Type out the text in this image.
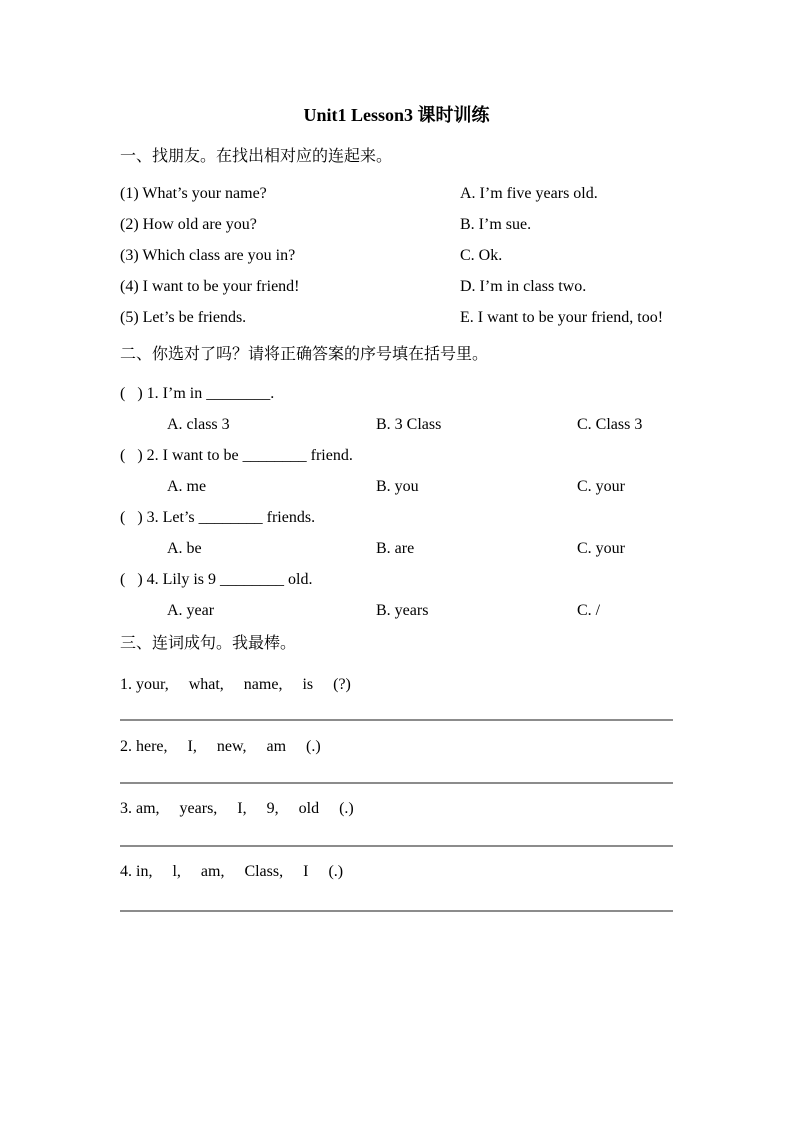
Unit1 Lesson3 课时训练
一、找朋友。在找出相对应的连起来。
(1) What’s your name?	A. I’m five years old.
(2) How old are you?	B. I’m sue.
(3) Which class are you in?	C. Ok.
(4) I want to be your friend!	D. I’m in class two.
(5) Let’s be friends.	E. I want to be your friend, too!
二、你选对了吗？请将正确答案的序号填在括号里。
(   ) 1. I’m in ________.
A. class 3	B. 3 Class	C. Class 3
(   ) 2. I want to be ________ friend.
A. me	B. you	C. your
(   ) 3. Let’s ________ friends.
A. be	B. are	C. your
(   ) 4. Lily is 9 ________ old.
A. year	B. years	C. /
三、连词成句。我最棒。
1. your,     what,     name,     is     (?)
2. here,     I,     new,     am     (.)
3. am,     years,     I,     9,     old     (.)
4. in,     l,     am,     Class,     I     (.)
